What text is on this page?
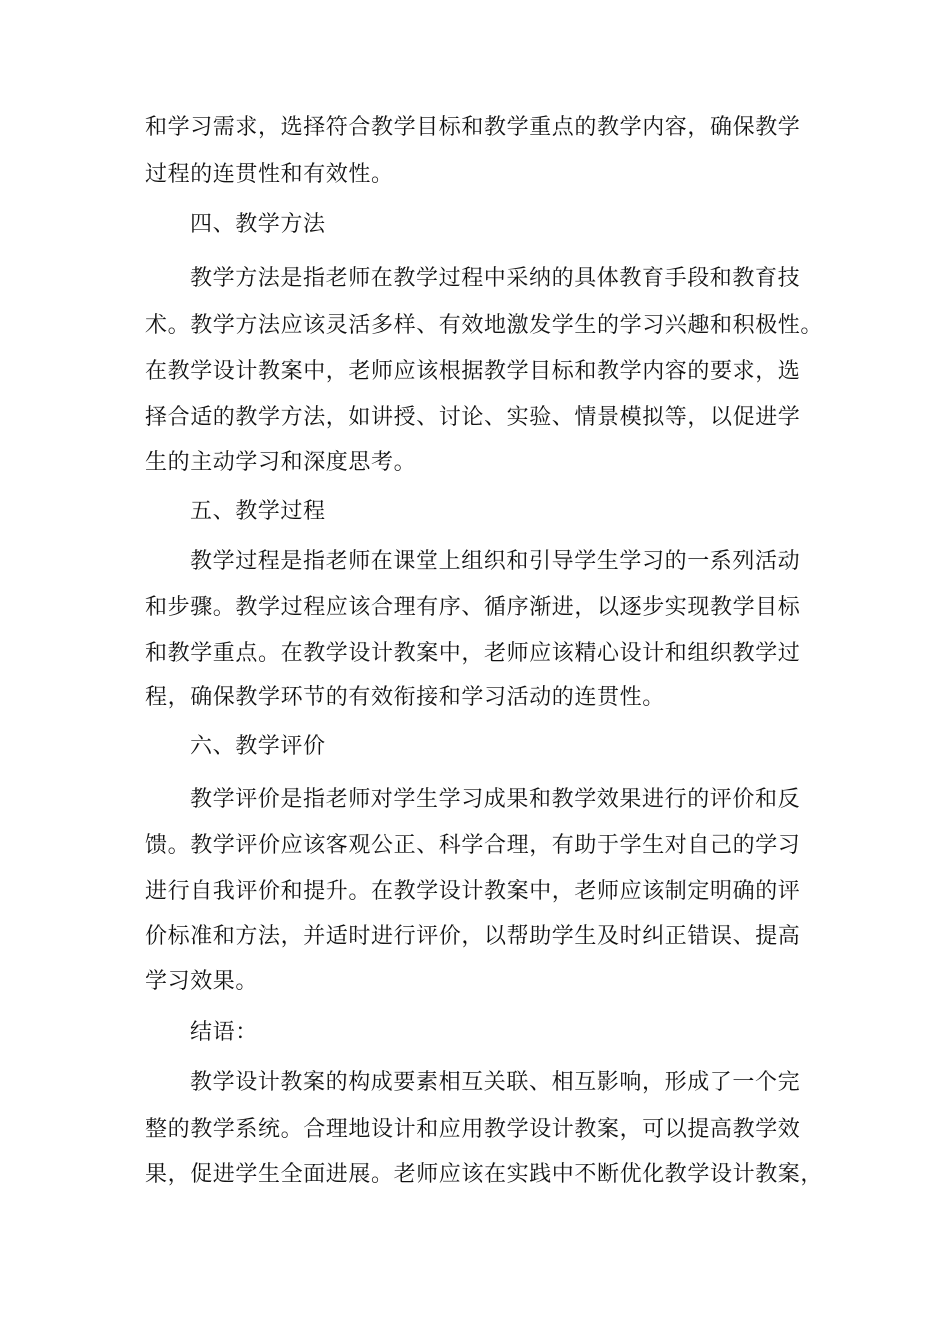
和学习需求，选择符合教学目标和教学重点的教学内容，确保教学
过程的连贯性和有效性。
四、教学方法
教学方法是指老师在教学过程中采纳的具体教育手段和教育技
术。教学方法应该灵活多样、有效地激发学生的学习兴趣和积极性。
在教学设计教案中，老师应该根据教学目标和教学内容的要求，选
择合适的教学方法，如讲授、讨论、实验、情景模拟等，以促进学
生的主动学习和深度思考。
五、教学过程
教学过程是指老师在课堂上组织和引导学生学习的一系列活动
和步骤。教学过程应该合理有序、循序渐进，以逐步实现教学目标
和教学重点。在教学设计教案中，老师应该精心设计和组织教学过
程，确保教学环节的有效衔接和学习活动的连贯性。
六、教学评价
教学评价是指老师对学生学习成果和教学效果进行的评价和反
馈。教学评价应该客观公正、科学合理，有助于学生对自己的学习
进行自我评价和提升。在教学设计教案中，老师应该制定明确的评
价标准和方法，并适时进行评价，以帮助学生及时纠正错误、提高
学习效果。
结语：
教学设计教案的构成要素相互关联、相互影响，形成了一个完
整的教学系统。合理地设计和应用教学设计教案，可以提高教学效
果，促进学生全面进展。老师应该在实践中不断优化教学设计教案，
